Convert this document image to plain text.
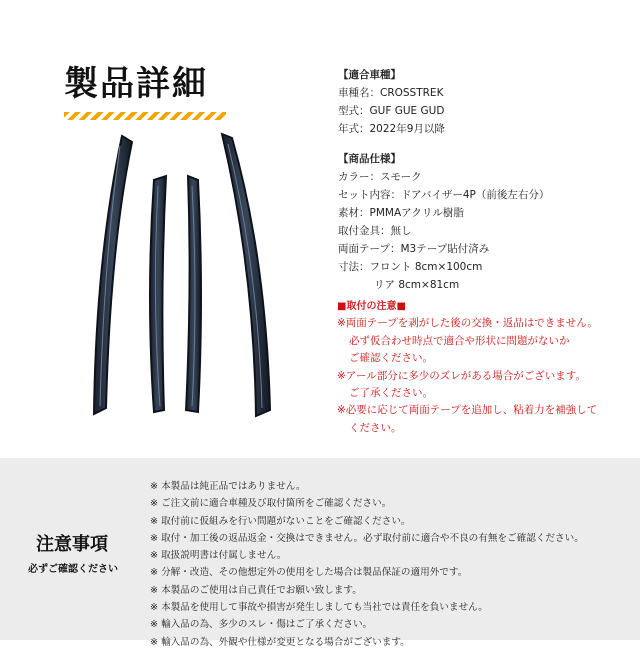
製品詳細	【適合車種】
車種名：CROSSTREK
型式：GUF GUE GUD
年式：2022年9月以降
【商品仕様】
カラー：スモーク
セット内容：ドアバイザー4P（前後左右分）
素材：PMMAアクリル樹脂
取付金具：無し
両面テープ：M3テープ貼付済み
寸法：フロント 8cm×100cm
リア 8cm×81cm
■取付の注意■
※両面テープを剥がした後の交換・返品はできません。
必ず仮合わせ時点で適合や形状に問題がないか
ご確認ください。
※アール部分に多少のズレがある場合がございます。
ご了承ください。
※必要に応じて両面テープを追加し、粘着力を補強して
ください。
注意事項
必ずご確認ください
※ 本製品は純正品ではありません。
※ ご注文前に適合車種及び取付箇所をご確認ください。
※ 取付前に仮組みを行い問題がないことをご確認ください。
※ 取付・加工後の返品返金・交換はできません。必ず取付前に適合や不良の有無をご確認ください。
※ 取扱説明書は付属しません。
※ 分解・改造、その他想定外の使用をした場合は製品保証の適用外です。
※ 本製品のご使用は自己責任でお願い致します。
※ 本製品を使用して事故や損害が発生しましても当社では責任を負いません。
※ 輸入品の為、多少のスレ・傷はご了承ください。
※ 輸入品の為、外観や仕様が変更となる場合がございます。
